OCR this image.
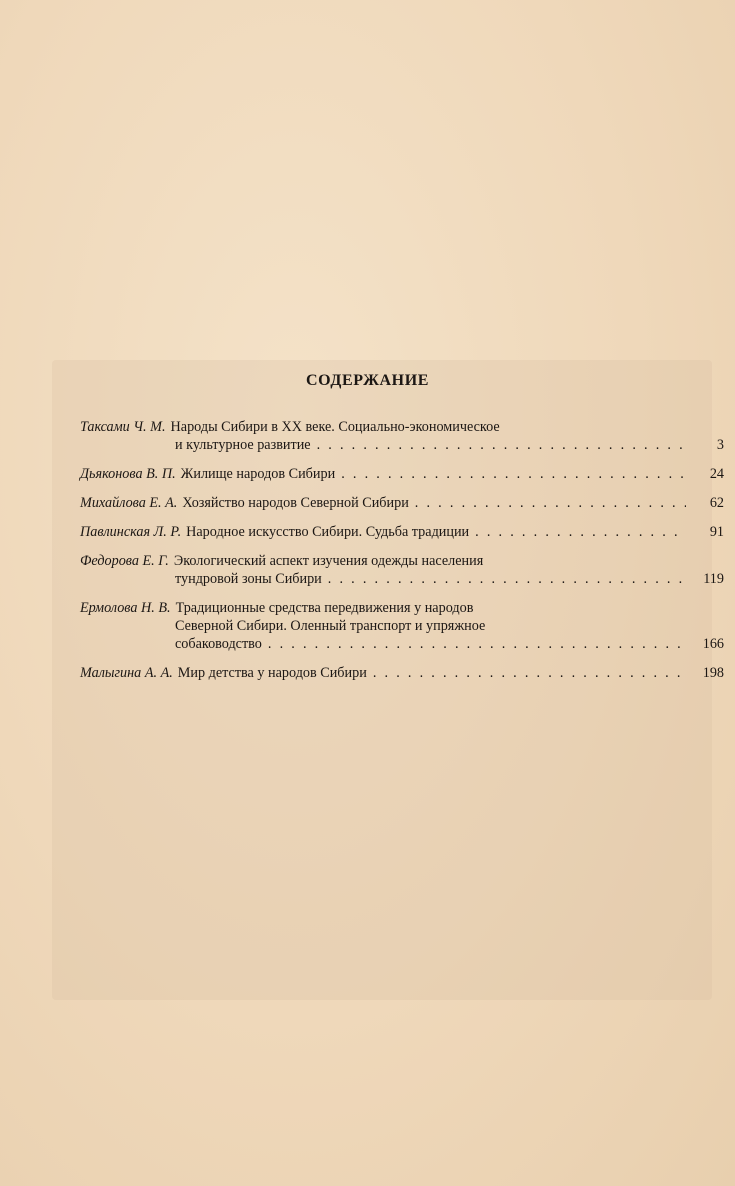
СОДЕРЖАНИЕ
Таксами Ч. М. Народы Сибири в XX веке. Социально-экономическое
и культурное развитие . . .	3
Дьяконова В. П. Жилище народов Сибири . . .	24
Михайлова Е. А. Хозяйство народов Северной Сибири . . .	62
Павлинская Л. Р. Народное искусство Сибири. Судьба традиции . . .	91
Федорова Е. Г. Экологический аспект изучения одежды населения
тундровой зоны Сибири . . .	119
Ермолова Н. В. Традиционные средства передвижения у народов
Северной Сибири. Оленный транспорт и упряжное
собаководство . . .	166
Малыгина А. А. Мир детства у народов Сибири . . .	198
